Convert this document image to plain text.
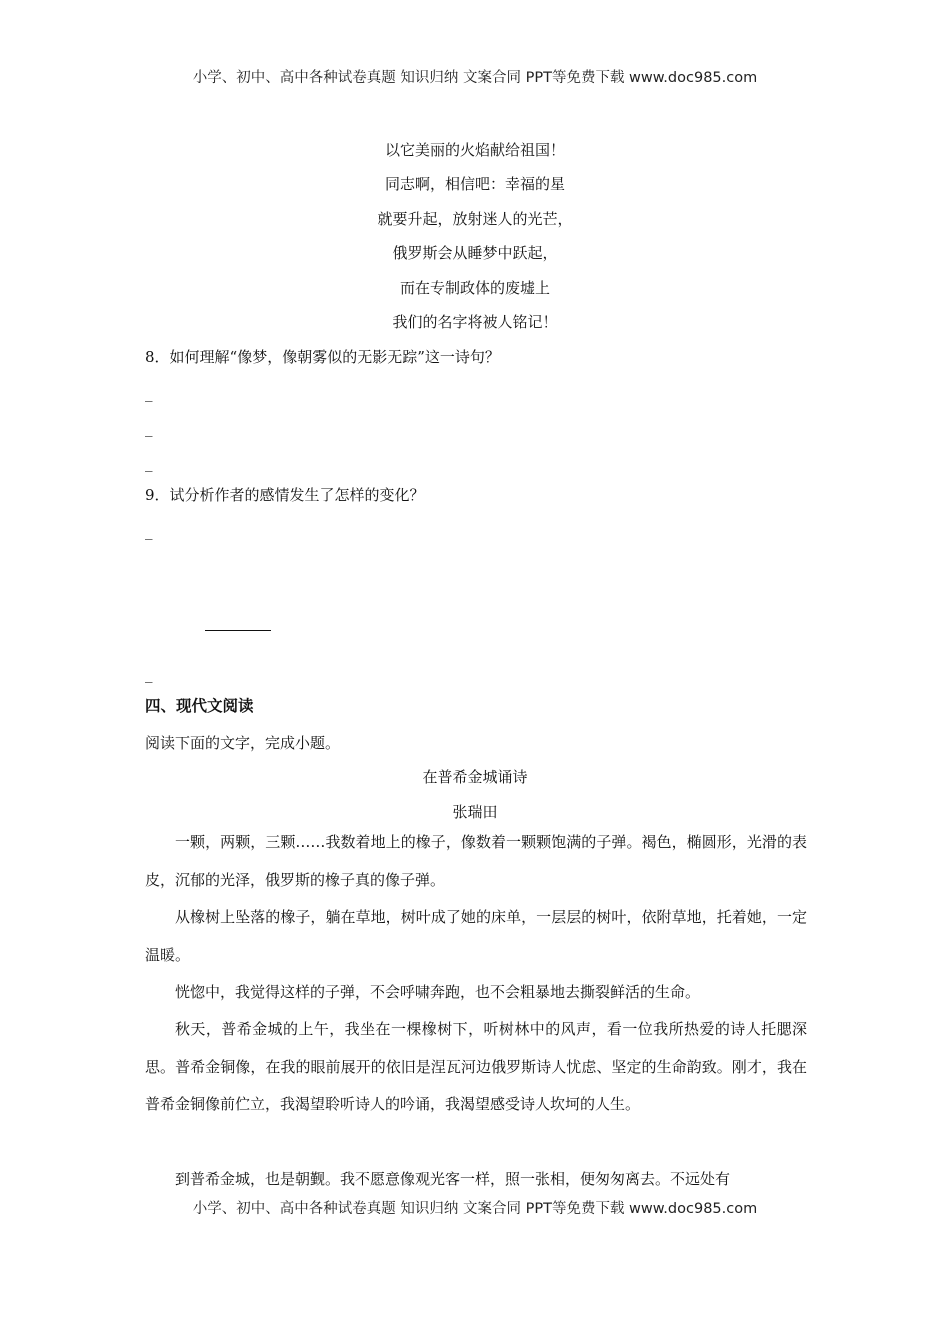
小学、初中、高中各种试卷真题 知识归纳 文案合同 PPT等免费下载 www.doc985.com
以它美丽的火焰献给祖国！
同志啊，相信吧：幸福的星
就要升起，放射迷人的光芒，
俄罗斯会从睡梦中跃起，
而在专制政体的废墟上
我们的名字将被人铭记！
8．如何理解“像梦，像朝雾似的无影无踪”这一诗句？
_
_
_
9．试分析作者的感情发生了怎样的变化？
_
_
四、现代文阅读
阅读下面的文字，完成小题。
在普希金城诵诗
张瑞田
一颗，两颗，三颗……我数着地上的橡子，像数着一颗颗饱满的子弹。褐色，椭圆形，光滑的表皮，沉郁的光泽，俄罗斯的橡子真的像子弹。
从橡树上坠落的橡子，躺在草地，树叶成了她的床单，一层层的树叶，依附草地，托着她，一定温暖。
恍惚中，我觉得这样的子弹，不会呼啸奔跑，也不会粗暴地去撕裂鲜活的生命。
秋天，普希金城的上午，我坐在一棵橡树下，听树林中的风声，看一位我所热爱的诗人托腮深思。普希金铜像，在我的眼前展开的依旧是涅瓦河边俄罗斯诗人忧虑、坚定的生命韵致。刚才，我在普希金铜像前伫立，我渴望聆听诗人的吟诵，我渴望感受诗人坎坷的人生。
到普希金城，也是朝觐。我不愿意像观光客一样，照一张相，便匆匆离去。不远处有
小学、初中、高中各种试卷真题 知识归纳 文案合同 PPT等免费下载 www.doc985.com
